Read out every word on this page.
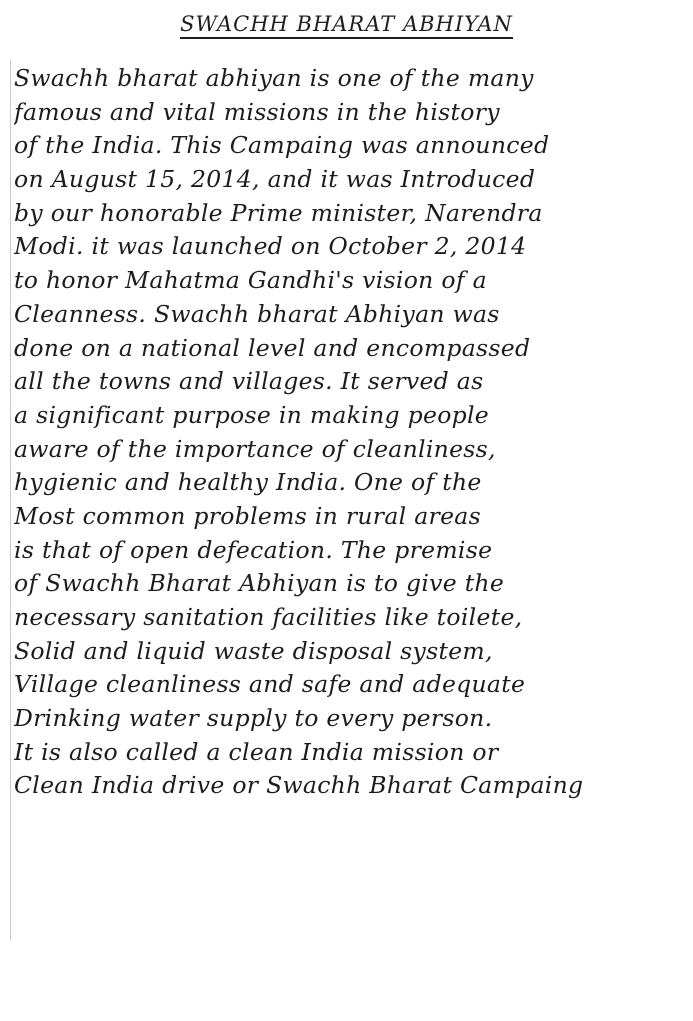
SWACHH BHARAT ABHIYAN
Swachh bharat abhiyan is one of the many
famous and vital missions in the history
of the India. This Campaing was announced
on August 15, 2014, and it was Introduced
by our honorable Prime minister, Narendra
Modi. it was launched on October 2, 2014
to honor Mahatma Gandhi's vision of a
Cleanness. Swachh bharat Abhiyan was
done on a national level and encompassed
all the towns and villages. It served as
a significant purpose in making people
aware of the importance of cleanliness,
hygienic and healthy India. One of the
Most common problems in rural areas
is that of open defecation. The premise
of Swachh Bharat Abhiyan is to give the
necessary sanitation facilities like toilete,
Solid and liquid waste disposal system,
Village cleanliness and safe and adequate
Drinking water supply to every person.
It is also called a clean India mission or
Clean India drive or Swachh Bharat Campaing
